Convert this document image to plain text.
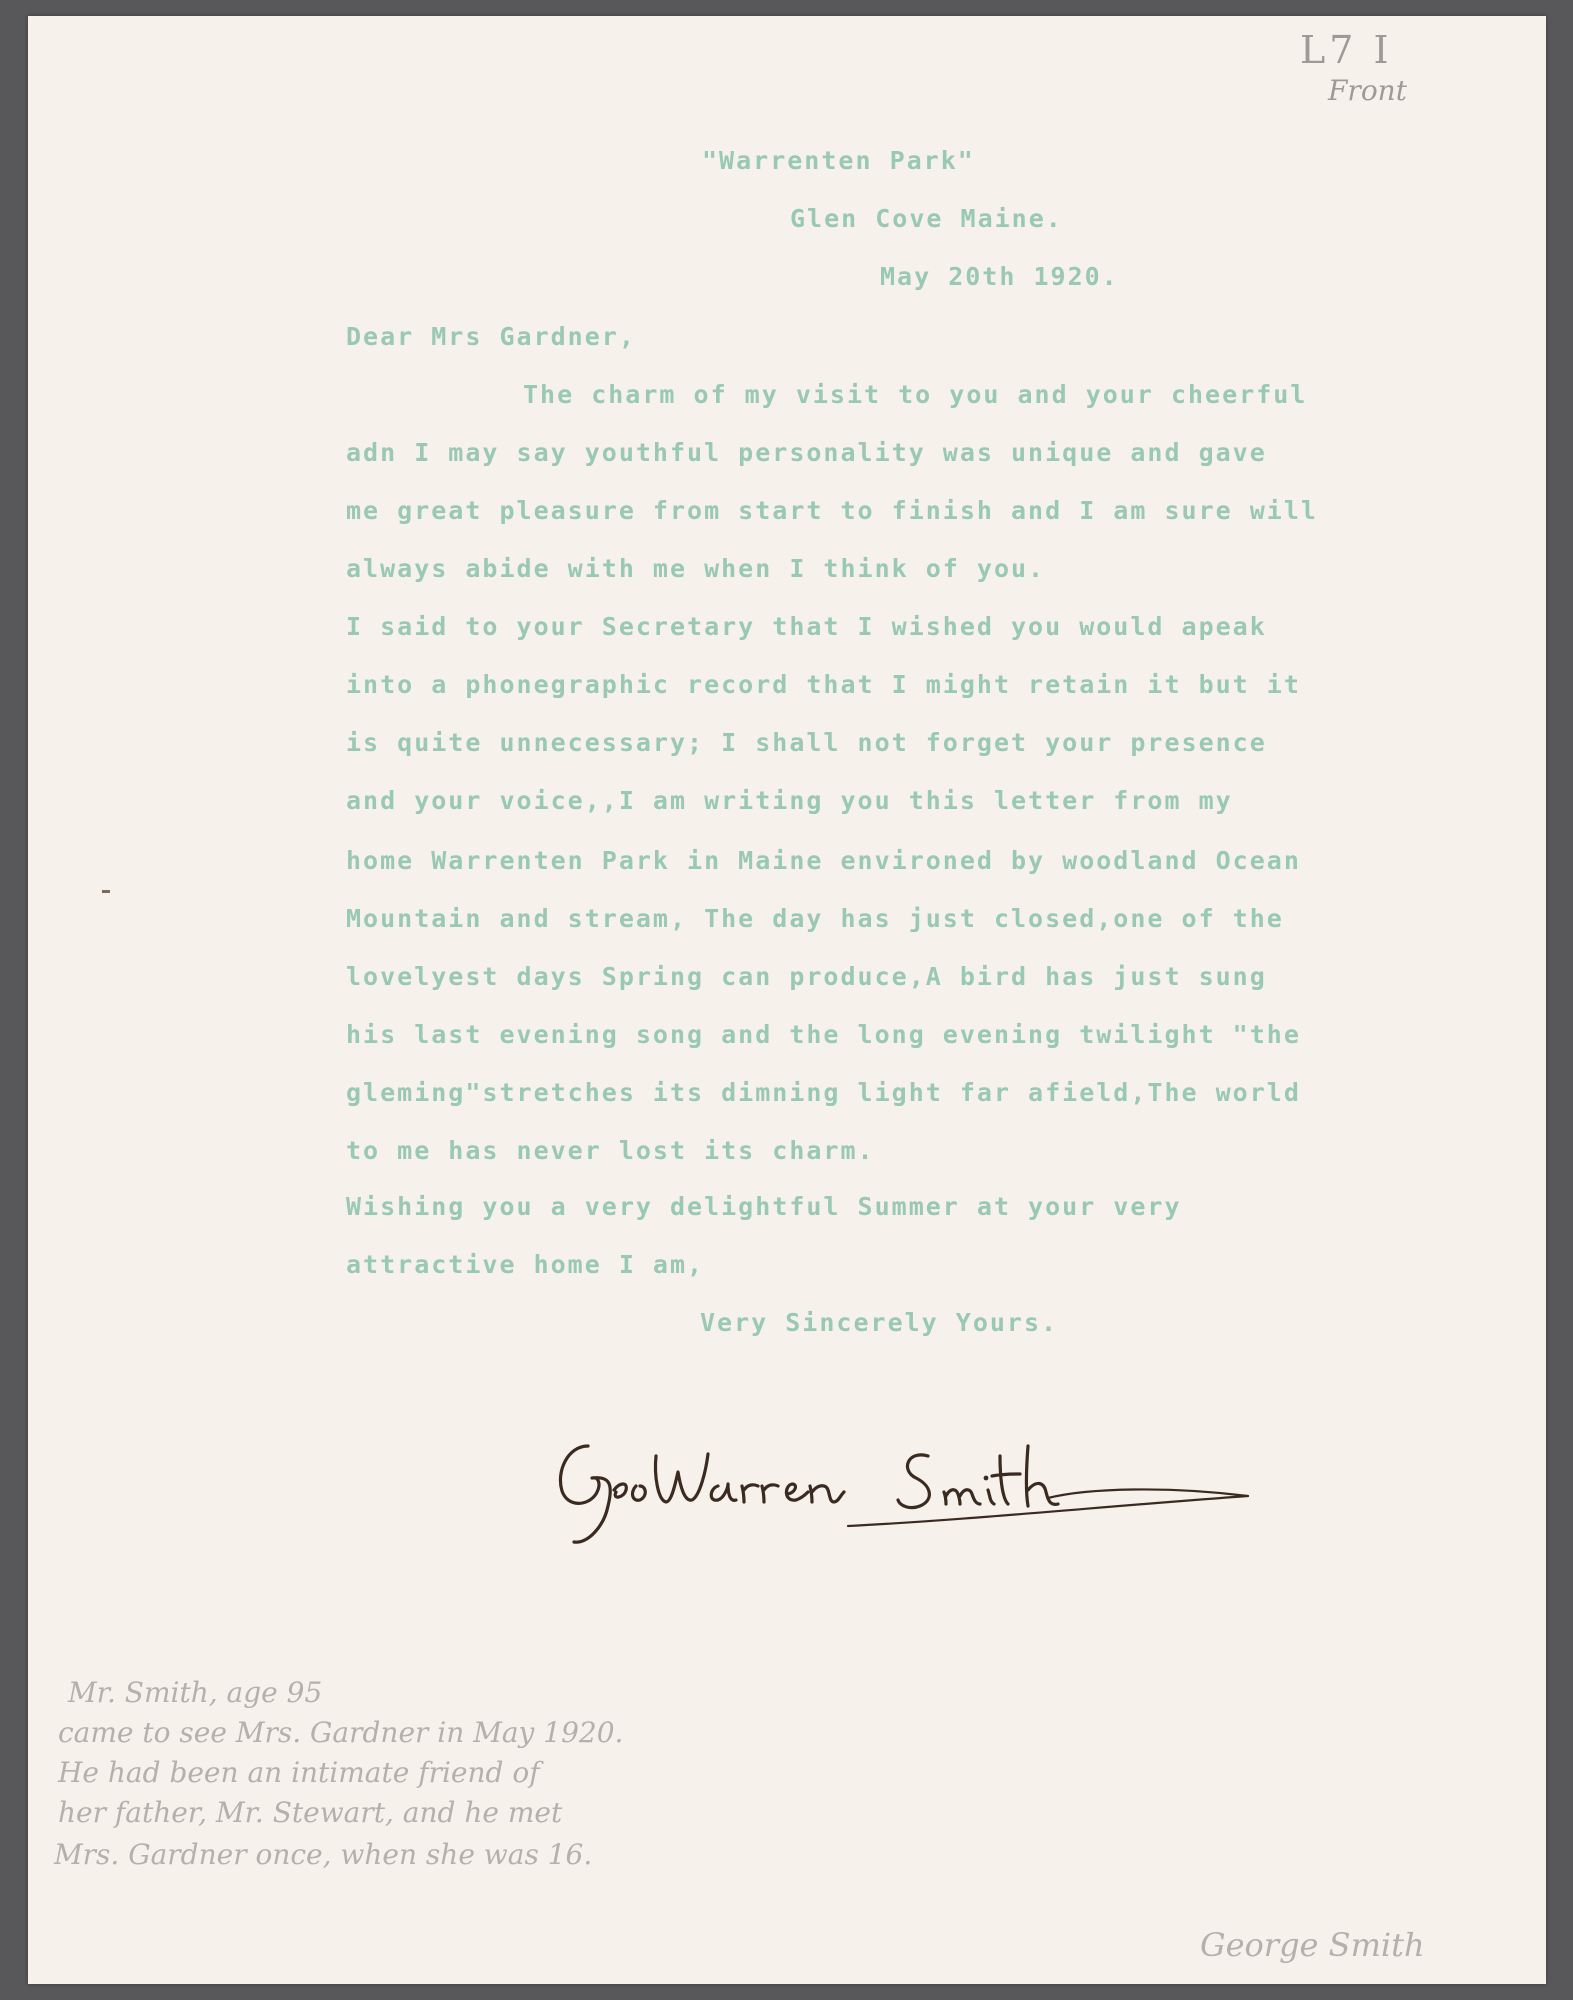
L7 I
Front
"Warrenten Park"
Glen Cove Maine.
May 20th 1920.
Dear Mrs Gardner,
The charm of my visit to you and your cheerful
adn I may say youthful personality was unique and gave
me great pleasure from start to finish and I am sure will
always abide with me when I think of you.
I said to your Secretary that I wished you would apeak
into a phonegraphic record that I might retain it but it
is quite unnecessary; I shall not forget your presence
and your voice,,I am writing you this letter from my
home Warrenten Park in Maine environed by woodland Ocean
Mountain and stream, The day has just closed,one of the
lovelyest days Spring can produce,A bird has just sung
his last evening song and the long evening twilight "the
gleming"stretches its dimning light far afield,The world
to me has never lost its charm.
Wishing you a very delightful Summer at your very
attractive home I am,
Very Sincerely Yours.
Mr. Smith, age 95
came to see Mrs. Gardner in May 1920.
He had been an intimate friend of
her father, Mr. Stewart, and he met
Mrs. Gardner once, when she was 16.
George Smith
